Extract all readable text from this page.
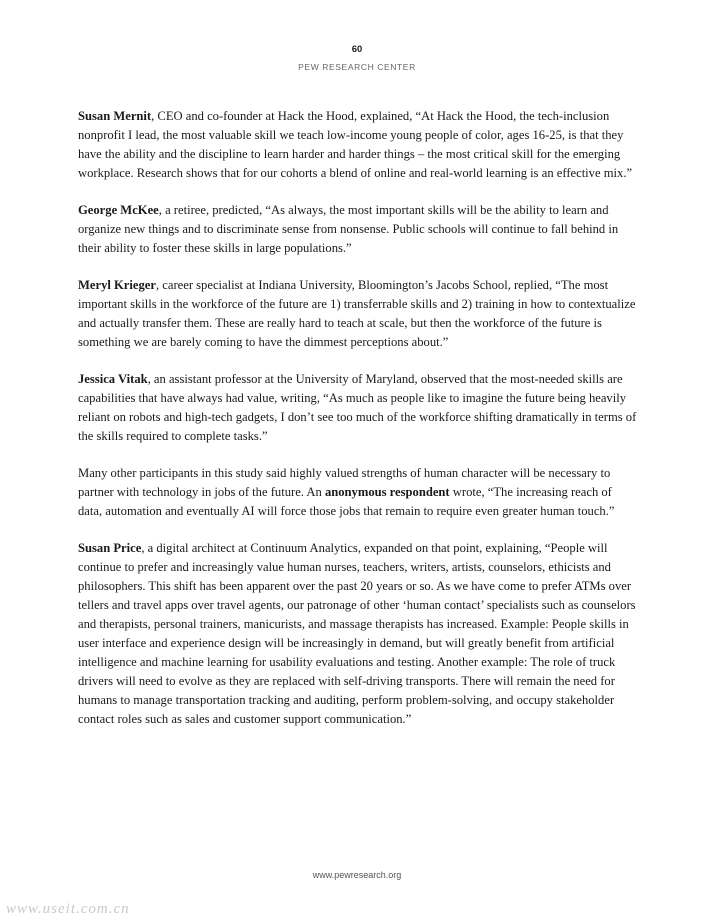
60
PEW RESEARCH CENTER

Susan Mernit, CEO and co-founder at Hack the Hood, explained, “At Hack the Hood, the tech-inclusion nonprofit I lead, the most valuable skill we teach low-income young people of color, ages 16-25, is that they have the ability and the discipline to learn harder and harder things – the most critical skill for the emerging workplace. Research shows that for our cohorts a blend of online and real-world learning is an effective mix.”

George McKee, a retiree, predicted, “As always, the most important skills will be the ability to learn and organize new things and to discriminate sense from nonsense. Public schools will continue to fall behind in their ability to foster these skills in large populations.”

Meryl Krieger, career specialist at Indiana University, Bloomington’s Jacobs School, replied, “The most important skills in the workforce of the future are 1) transferrable skills and 2) training in how to contextualize and actually transfer them. These are really hard to teach at scale, but then the workforce of the future is something we are barely coming to have the dimmest perceptions about.”

Jessica Vitak, an assistant professor at the University of Maryland, observed that the most-needed skills are capabilities that have always had value, writing, “As much as people like to imagine the future being heavily reliant on robots and high-tech gadgets, I don’t see too much of the workforce shifting dramatically in terms of the skills required to complete tasks.”

Many other participants in this study said highly valued strengths of human character will be necessary to partner with technology in jobs of the future. An anonymous respondent wrote, “The increasing reach of data, automation and eventually AI will force those jobs that remain to require even greater human touch.”

Susan Price, a digital architect at Continuum Analytics, expanded on that point, explaining, “People will continue to prefer and increasingly value human nurses, teachers, writers, artists, counselors, ethicists and philosophers. This shift has been apparent over the past 20 years or so. As we have come to prefer ATMs over tellers and travel apps over travel agents, our patronage of other ‘human contact’ specialists such as counselors and therapists, personal trainers, manicurists, and massage therapists has increased. Example: People skills in user interface and experience design will be increasingly in demand, but will greatly benefit from artificial intelligence and machine learning for usability evaluations and testing. Another example: The role of truck drivers will need to evolve as they are replaced with self-driving transports. There will remain the need for humans to manage transportation tracking and auditing, perform problem-solving, and occupy stakeholder contact roles such as sales and customer support communication.”

www.pewresearch.org
www.useit.com.cn
